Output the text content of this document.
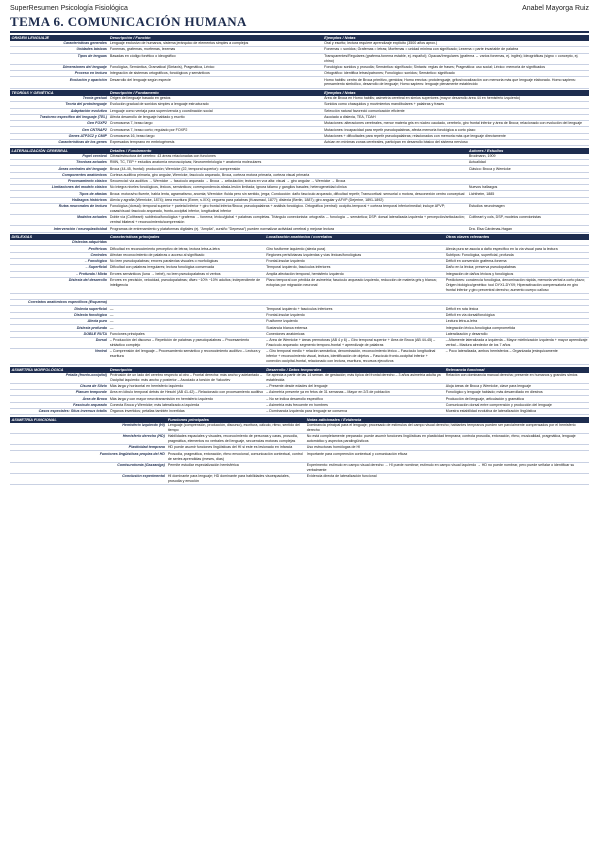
SuperResumen Psicología Fisiológica	Anabel Mayorga Ruiz
TEMA 6. COMUNICACIÓN HUMANA
ORIGEN LENGUAJE	Descripción / Función	Ejemplos / Notas
Características generales	Lenguaje exclusivo de humanos, sistema jerárquico de elementos simples a complejos	Oral y escrito; lectura requiere aprendizaje explícito (3500 años aprox.)
Unidades básicas	Fonemas, grafemas, morfemas, lexemas	Fonemas = sonidos; Grafemas = letras; Morfemas = unidad mínima con significado; Lexema = parte invariable de palabra
Tipos de lenguas	Basadas en código fonético o ideográfico	Transparentes/Regulares (grafema-fonema estable, ej. español); Opacas/Irregulares (grafema ↔ varios fonemas, ej. inglés); Ideográficas (signo = concepto, ej. chino)
Dimensiones del lenguaje	Fonológica, Semántica, Gramatical (Sintaxis), Pragmática, Léxico	Fonológica: sonidos y prosodia; Semántica: significado; Sintaxis: reglas de frases; Pragmática: uso social; Léxico: memoria de significados
Proceso en lectura	Integración de sistemas ortográficos, fonológicos y semánticos	Ortográfico: identifica letras/patrones; Fonológico: sonidos; Semántico: significado
Evolución y aparición	Desarrollo del lenguaje según especie	Homo habilis: centro de Broca primitivo, gemidos; Homo erectus: protolenguaje, gritos/vocalización con memoria más que lenguaje elaborado. Homo sapiens: pensamiento simbólico, desarrollo de lenguaje; Homo sapiens: lenguaje plenamente establecido
TEORÍAS Y GENÉTICA	Descripción / Fundamento	Ejemplos / Notas
Teoría gestual	Origen del lenguaje basado en gestos	Área de Broca en Homo habilis; asimetría cerebral en simios superiores (mayor desarrollo área 44 en hemisferio izquierdo)
Teoría del protolenguaje	Evolución gradual de sonidos simples a lenguaje estructurado	Sonidos como chasquidos y movimientos mandibulares + palabras y frases
Adaptación evolutiva	Lenguaje como ventaja para supervivencia y coordinación social	Selección natural favoreció comunicación eficiente
Trastorno específico del lenguaje (TEL)	Afecta desarrollo de lenguaje hablado y escrito	Asociado a dislexia, TEA, TDAH
Gen FOXP2	Cromosoma 7, braso largo	Mutaciones: alteraciones cerebrales, menor materia gris en núcleo caudado, cerebelo, giro frontal inferior y área de Broca; relacionado con evolución del lenguaje
Gen CNTNAP2	Cromosoma 7, braso corto; regulado por FOXP2	Mutaciones: incapacidad para repetir pseudopalabras, afecta memoria fonológica a corto plazo
Genes ATP2C2 y CMIP	Cromosoma 16, braso largo	Mutaciones + dificultades para repetir pseudopalabras; relacionados con memoria más que lenguaje directamente
Características de los genes	Expresados temprano en embriogénesis	Actúan en mínimas zonas cerebrales, participan en desarrollo básico del sistema nervioso
LATERALIZACIÓN CEREBRAL	Detalles / Fundamento	Autores / Estudios
Papel cerebral	Cifras/estructura del cerebro: 43 áreas relacionadas con funciones	Brodmann, 1909
Técnicas actuales	RMN, TC, TEP + estudios anatomía neuroscópicas; Neuroembriología + anatomía moleculares	Actualidad
Áreas centrales del lenguaje	Broca (44-45, frontal): producción; Wernicke (22, temporal superior): comprensión	Clásico: Broca y Wernicke
Componentes anatómicos	Corteza auditiva primaria, giro angular, Wernicke, fascículo arqueado, Broca, corteza motora primaria, corteza visual primaria	
Procesamiento clásico	Secuencial: vía auditiva → Wernicke → fascículo arqueado → Broca → articulación; lectura en voz alta: visual → giro angular → Wernicke → Broca	
Limitaciones del modelo clásico	No integra niveles fonológicos, léxicos, semánticos; correspondencia afasia-lesión limitada; ignora tálamo y ganglios basales; heterogeneidad clínica	Nuevos hallazgos
Tipos de afasias	Broca: motora/no fluente, habla lenta, agramatismo, anomia; Wernicke: fluida pero sin sentido, jerga; Conducción: daño fascículo arqueado, dificultad repetir; Transcortical: sensorial o motora, desconexión centro conceptual	Lichtheim, 1885
Hallazgos históricos	Alexia y agrafia (Wernicke, 1874); área escritura (Exner, s.XIX); ceguera para palabras (Kussmaul, 1877); dislexia (Berlin, 1887); giro angular y AFVP (Dejerine, 1891-1892)	
Rutas neuronales de lectura	Fonológica (dorsal): temporal superior + parietal inferior + giro frontal inferior/Broca; pseudopalabras + análisis fonológico. Ortográfica (ventral): occipito-temporal + corteza temporal inferior/medial; incluye AFVP; cosas/visual: fascículo arqueado, fronto-occipital inferior, longitudinal inferior	Estudios neuroimagen
Modelos actuales	Doble vía (Coltheart): subléxica/fonológica + grafema → fonema; léxico/global + palabras completas. Triángulo conexionista: ortografía ↔ fonología ↔ semántica; DSP: dorsal lateralizada izquierda + percepción/articulación; ventral bilateral + reconocimiento/comprensión	Coltheart y cols, DSP, modelos conexionistas
Intervención / neuroplasticidad	Programas de entrenamiento y plataformas digitales (ej. "Amplia", cursiño "Depessa") pueden normalizar actividad cerebral y mejorar lectura	Dra. Elsa Cárdenas-Hagan
DISLEXIAS	Características principales	Localización anatómica / correlatos	Otras claves relevantes
Dislexias adquiridas			
Periféricas	Dificultad en reconocimiento perceptivo de letras; lectura letra-a-letra	Giro fusiforme izquierdo (alexia pura)	Alexia pura se asocia a daño específico en la vía visual para la lectura
Centrales	Afectan reconocimiento de palabras o acceso al significado	Regiones perisilvianas izquierdas y vías léxicas/fonológicas	Subtipos: Fonológica, superficial, profunda
– Fonológica	No leen pseudopalabras; errores paralexias visuales o morfológicas	Frontal-insular izquierdo	Déficit en conversión grafema-fonema
– Superficial	Dificultad con palabras irregulares; lectura fonológica conservada	Temporal izquierdo, fascículos inferiores	Daño en la léxica; preserva pseudopalabras
– Profunda / Mixta	Errores semánticos (luna → bebé), no leen pseudopalabras ni verbos	Amplia afectación temporal, hemisferio izquierdo	Integración de daños léxicos y fonológicos
Dislexia del desarrollo	Errores en precisión, velocidad, pseudopalabras; dfwrc ~10% ~10% adultos; independiente de inteligencia	Plano temporal con pérdida de asimetría; fascículo arqueado izquierdo, reducción de materia gris y blanca; ectopias por migración neuronal	Predictores: conciencia fonológica, denominación rápida, memoria verbal a corto plazo; Origen biológico/genético: tool DYX1-DYX9; Hiperactivación compensatoria en giro frontal inferior y giro precentral derecho; aumento cuerpo calloso

Correlatos anatómicos específicos (Esquema)			
Dislexia superficial	—	Temporal izquierdo + fascículos inferiores	Déficit en ruta léxica
Dislexia fonológica	—	Frontal-insular izquierdo	Déficit en vía dorsal/fonológica
Alexia pura	—	Fusiforme izquierdo	Lectura letra-a-letra
Dislexia profunda	—	Sustancia blanca extensa	Integración léxico-fonológica comprometida
DOBLE RUTA	Funciones principales	Conexiones anatómicas	Lateralización y desarrollo
Dorsal	– Producción del discurso – Repetición de palabras y pseudopalabras – Procesamiento sintáctico complejo	– Área de Wernicke + áreas premotoras (AB 4 y 6) – Giro temporal superior + Área de Broca (AB 44-45) – Fascículo arqueado: segmento temporo-frontal + aprendizaje de palabras	– Altamente lateralizada a izquierda – Mayor mielinización izquierda + mayor aprendizaje verbal – Madura alrededor de los 7 años
Ventral	– Comprensión del lenguaje – Procesamiento semántico y reconocimiento auditivo – Lectura y escritura	– Giro temporal medio + relación semántica, denominación, reconocimiento léxico – Fascículo longitudinal inferior + reconocimiento visual, lectura, identificación de objetos – Fascículo fronto-occipital inferior + conexión occipital-frontal, relacionado con lectura, escritura, recursos ejecutivos	– Poco lateralizada, ambos hemisferios – Organizada jerárquicamente
ASIMETRÍA MORFOLÓGICA	Descripción	Desarrollo / Datos temporales	Relevancia funcional
Petalia (fronto-occipital)	Protrusión de un lado del cerebro respecto al otro – Frontal derecha: más ancho y adelantado – Occipital izquierdo: más ancho y posterior – Asociado a torsión de Yakovlev	Se aprecia a partir de las 14 seman. de gestación; más típica del frontal derecho – 3 años asimetría adulta ya establecida	Relación con dominancia manual derecha; presente en humanos y grandes simios
Cisura de Silvio	Más larga y horizontal en hemisferio izquierdo	– Presente desde edades del lenguaje	Aloja áreas de Broca y Wernicke, clave para lenguaje
Planum temporale	Área en lóbulo temporal detrás de Heschl (AB 41-42) – Relacionado con procesamiento auditivo	– Asimetría presente ya en fetos de 31 semanas – Mayor en 2/3 de población	Fonológico y lenguaje hablado; más desarrollado en diestros
Área de Broca	Más larga y con mayor neurotransmisión en hemisferio izquierdo	– No se indica desarrollo específico	Producción del lenguaje, articulación y gramática
Fascículo arqueado	Conecta Broca y Wernicke; más lateralizado a izquierda	– Asimetría más frecuente en hombres	Comunicación dorsal entre comprensión y producción del lenguaje
Casos especiales: Situs inversus totalis	Órganos invertidos; petalias también invertidas	– Dominancia izquierda para lenguaje se conserva	Muestra estabilidad evolutiva de lateralización lingüística
ASIMETRÍA FUNCIONAL	Funciones principales	Notas adicionales / Evidencia
Hemisferio izquierdo (HI)	Lenguaje (comprensión, producción, discurso), escritura, cálculo, ritmo, sentido del tiempo	Dominancia principal para el lenguaje; procesado de estímulos del campo visual derecho; hablantes tempranos pueden ser parcialmente compensados por el hemisferio derecho
Hemisferio derecho (HD)	Habilidades espaciales y visuales, reconocimiento de personas y caras, prosodia, pragmática, elementos no verbales del lenguaje, secuencias motoras complejas	No está completamente preparado: puede asumir funciones lingüísticas en plasticidad temprana; controla prosodia, entonación, ritmo, musicalidad, pragmática, lenguaje automático y aspectos paralingüísticos
Plasticidad temprana	HD puede asumir funciones lingüísticas del HI si este es lesionado en infancia	Uso estructuras homólogas de HI
Funciones lingüísticas propias del HD	Prosodia, pragmática, entonación, ritmo emocional, comunicación contextual, control de series aprendidas (meses, días)	Importante para comprensión contextual y comunicación eficaz
Comisurotomía (Gazzaniga)	Permite estudiar especialización hemisférica	Experimento: estímulo en campo visual derecho → HI puede nombrar; estímulo en campo visual izquierdo → HD no puede nombrar, pero puede señalar o identificar su verbalmente
Conclusión experimental	HI dominante para lenguaje; HD dominante para habilidades visoespaciales, prosodia y emoción	Evidencia directa de lateralización funcional
